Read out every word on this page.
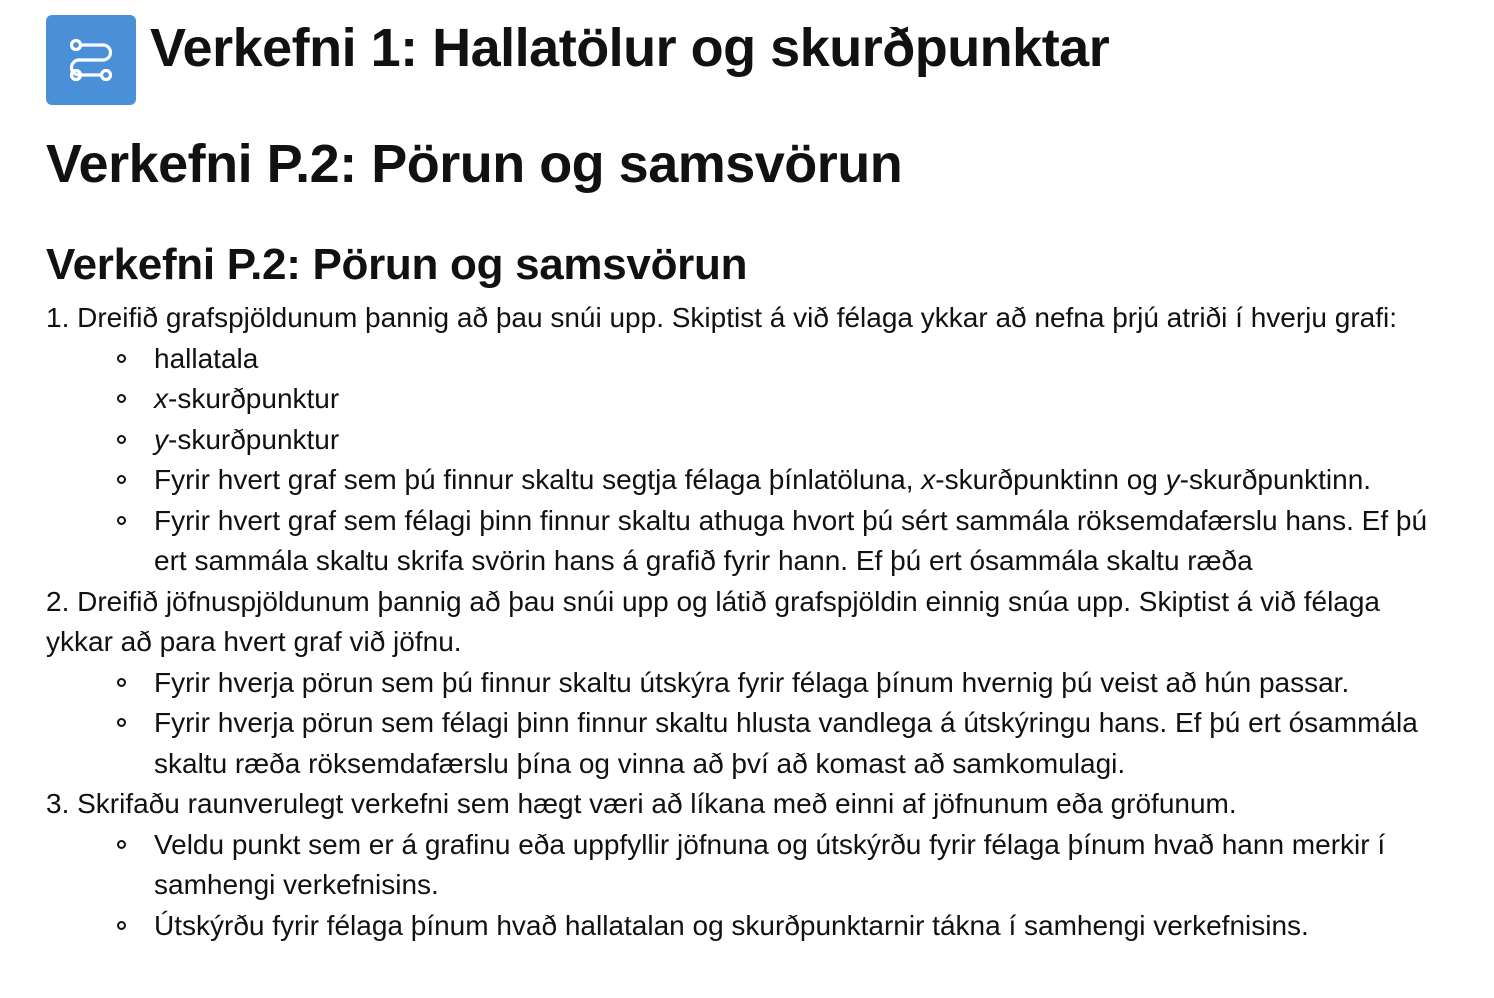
Verkefni 1: Hallatölur og skurðpunktar
Verkefni P.2: Pörun og samsvörun
Verkefni P.2: Pörun og samsvörun

1. Dreifið grafspjöldunum þannig að þau snúi upp. Skiptist á við félaga ykkar að nefna þrjú atriði í hverju grafi:

hallatala
x-skurðpunktur
y-skurðpunktur
Fyrir hvert graf sem þú finnur skaltu segtja félaga þínlatöluna, x-skurðpunktinn og y-skurðpunktinn.
Fyrir hvert graf sem félagi þinn finnur skaltu athuga hvort þú sért sammála röksemdafærslu hans. Ef þú ert sammála skaltu skrifa svörin hans á grafið fyrir hann. Ef þú ert ósammála skaltu ræða

2. Dreifið jöfnuspjöldunum þannig að þau snúi upp og látið grafspjöldin einnig snúa upp. Skiptist á við félaga ykkar að para hvert graf við jöfnu.

Fyrir hverja pörun sem þú finnur skaltu útskýra fyrir félaga þínum hvernig þú veist að hún passar.
Fyrir hverja pörun sem félagi þinn finnur skaltu hlusta vandlega á útskýringu hans. Ef þú ert ósammála skaltu ræða röksemdafærslu þína og vinna að því að komast að samkomulagi.

3. Skrifaðu raunverulegt verkefni sem hægt væri að líkana með einni af jöfnunum eða gröfunum.

Veldu punkt sem er á grafinu eða uppfyllir jöfnuna og útskýrðu fyrir félaga þínum hvað hann merkir í samhengi verkefnisins.
Útskýrðu fyrir félaga þínum hvað hallatalan og skurðpunktarnir tákna í samhengi verkefnisins.
